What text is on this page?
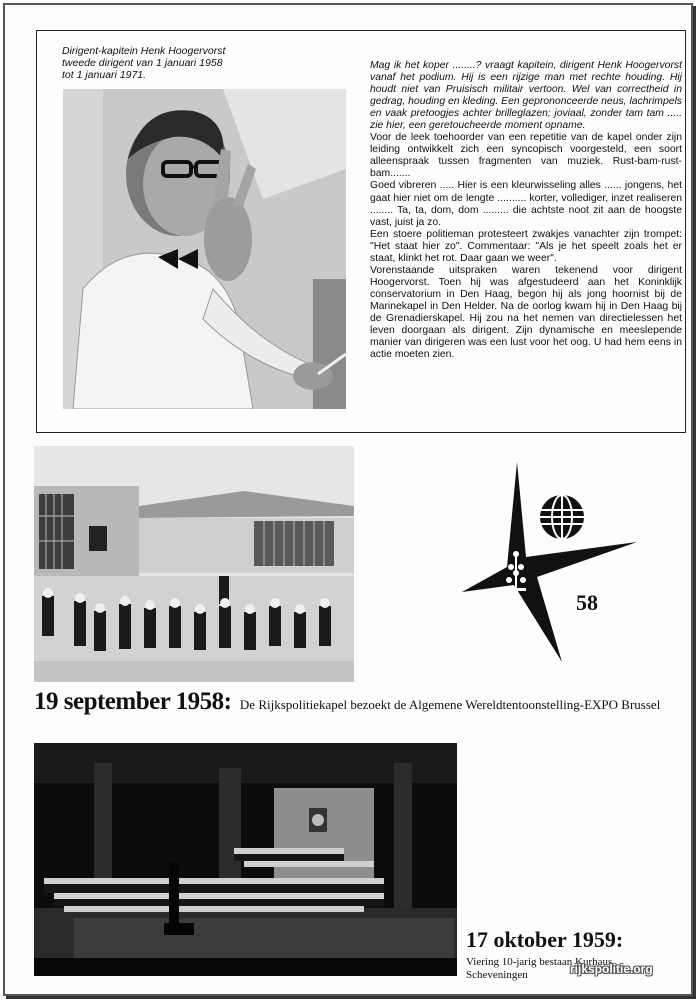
Dirigent-kapitein Henk Hoogervorst
tweede dirigent van 1 januari 1958
tot 1 januari 1971.

Mag ik het koper ........? vraagt kapitein, dirigent Henk Hoogervorst vanaf het podium. Hij is een rijzige man met rechte houding. Hij houdt niet van Pruisisch militair vertoon. Wel van correctheid in gedrag, houding en kleding. Een geprononceerde neus, lachrimpels en vaak pretoogjes achter brilleglazen; joviaal, zonder tam tam ..... zie hier, een geretoucheerde moment opname.

Voor de leek toehoorder van een repetitie van de kapel onder zijn leiding ontwikkelt zich een syncopisch voorgesteld, een soort alleenspraak tussen fragmenten van muziek. Rust-bam-rust-bam.......

Goed vibreren ..... Hier is een kleurwisseling alles ...... jongens, het gaat hier niet om de lengte .......... korter, vollediger, inzet realiseren ........ Ta, ta, dom, dom ......... die achtste noot zit aan de hoogste vast, juist ja zo.

Een stoere politieman protesteert zwakjes vanachter zijn trompet: "Het staat hier zo". Commentaar: "Als je het speelt zoals het er staat, klinkt het rot. Daar gaan we weer".

Vorenstaande uitspraken waren tekenend voor dirigent Hoogervorst. Toen hij was afgestudeerd aan het Koninklijk conservatorium in Den Haag, begon hij als jong hoornist bij de Marinekapel in Den Helder. Na de oorlog kwam hij in Den Haag bij de Grenadierskapel. Hij zou na het nemen van directielessen het leven doorgaan als dirigent. Zijn dynamische en meeslepende manier van dirigeren was een lust voor het oog. U had hem eens in actie moeten zien.

58
19 september 1958: De Rijkspolitiekapel bezoekt de Algemene Wereldtentoonstelling-EXPO Brussel
17 oktober 1959:
Viering 10-jarig bestaan Kurhaus
Scheveningen	rijkspolitie.org
